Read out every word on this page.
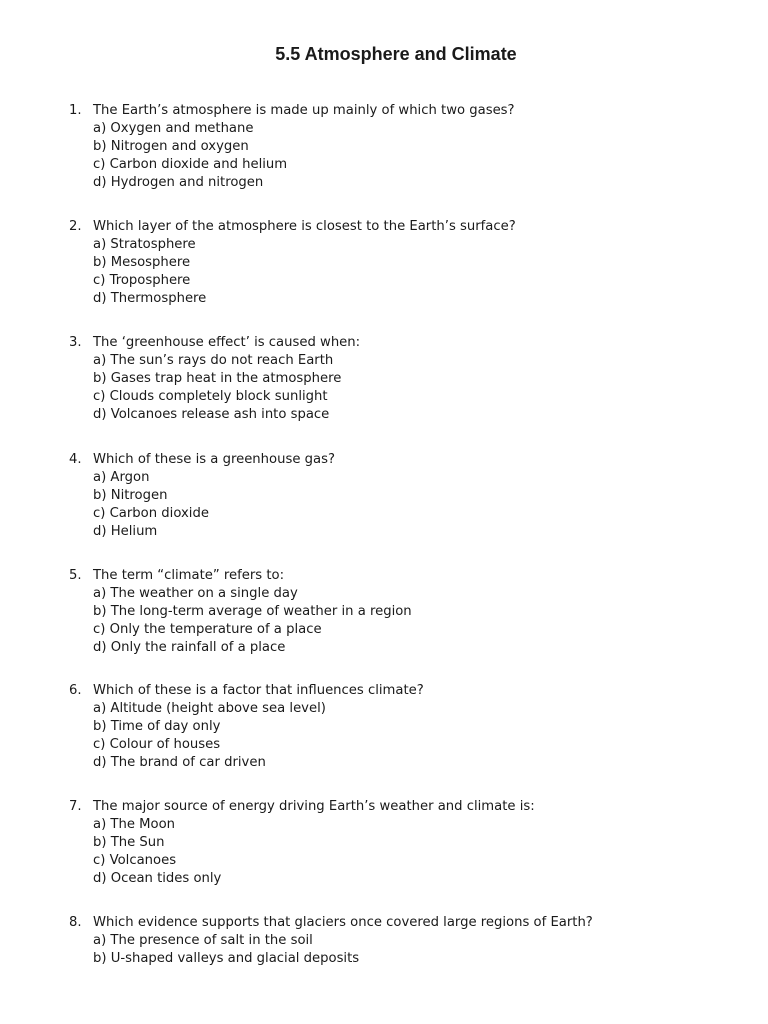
5.5 Atmosphere and Climate
1. The Earth’s atmosphere is made up mainly of which two gases?
a) Oxygen and methane
b) Nitrogen and oxygen
c) Carbon dioxide and helium
d) Hydrogen and nitrogen
2. Which layer of the atmosphere is closest to the Earth’s surface?
a) Stratosphere
b) Mesosphere
c) Troposphere
d) Thermosphere
3. The ‘greenhouse effect’ is caused when:
a) The sun’s rays do not reach Earth
b) Gases trap heat in the atmosphere
c) Clouds completely block sunlight
d) Volcanoes release ash into space
4. Which of these is a greenhouse gas?
a) Argon
b) Nitrogen
c) Carbon dioxide
d) Helium
5. The term “climate” refers to:
a) The weather on a single day
b) The long-term average of weather in a region
c) Only the temperature of a place
d) Only the rainfall of a place
6. Which of these is a factor that influences climate?
a) Altitude (height above sea level)
b) Time of day only
c) Colour of houses
d) The brand of car driven
7. The major source of energy driving Earth’s weather and climate is:
a) The Moon
b) The Sun
c) Volcanoes
d) Ocean tides only
8. Which evidence supports that glaciers once covered large regions of Earth?
a) The presence of salt in the soil
b) U-shaped valleys and glacial deposits
